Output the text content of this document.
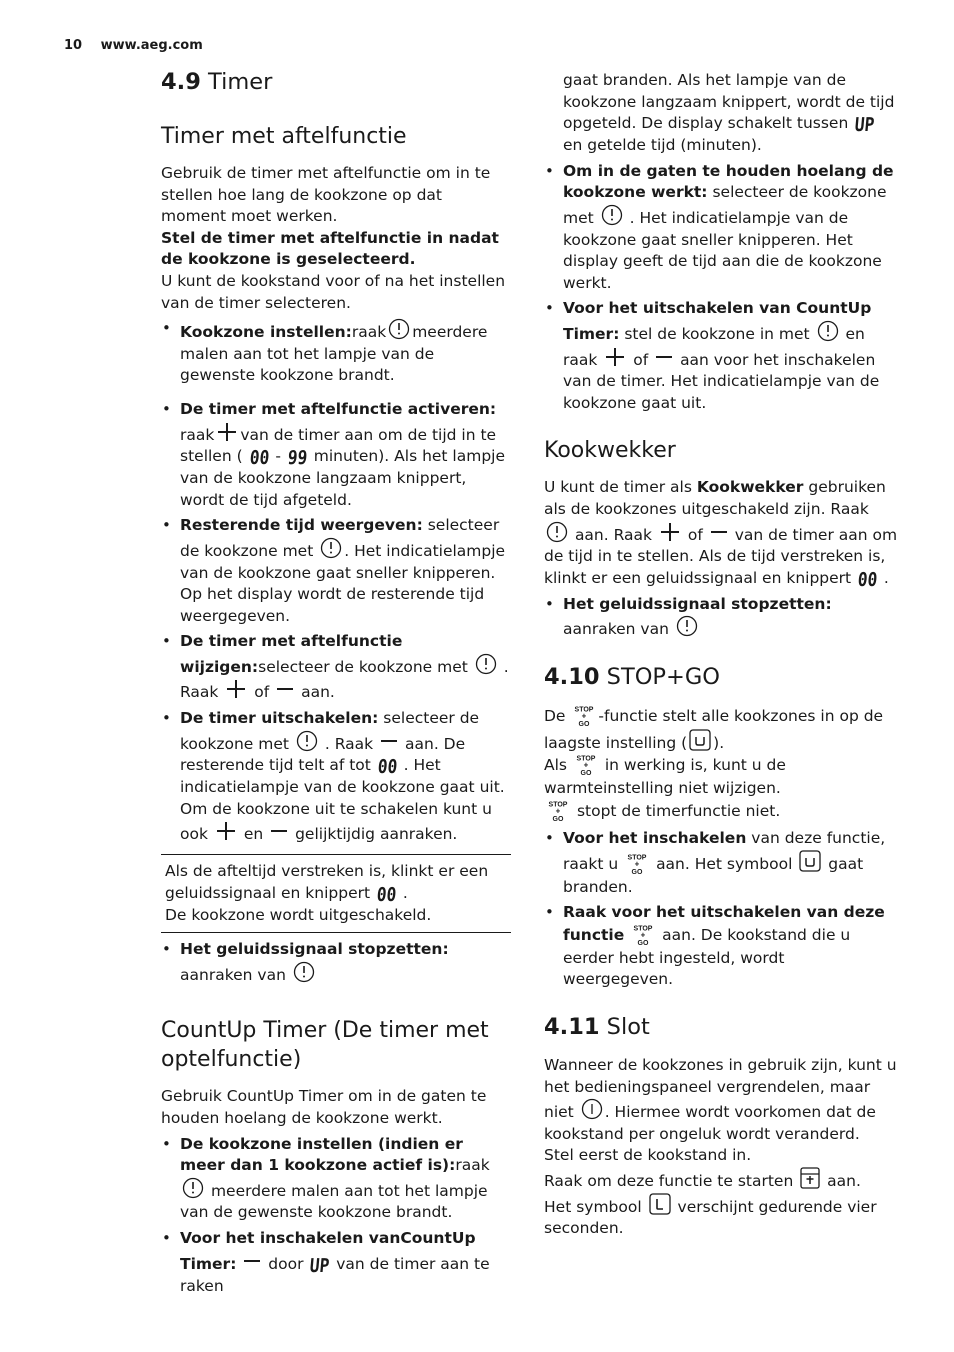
10 www.aeg.com
4.9 Timer
Timer met aftelfunctie

Gebruik de timer met aftelfunctie om in te stellen hoe lang de kookzone op dat moment moet werken.

Stel de timer met aftelfunctie in nadat de kookzone is geselecteerd.

U kunt de kookstand voor of na het instellen van de timer selecteren.

• Kookzone instellen:raak meerdere malen aan tot het lampje van de gewenste kookzone brandt.
• De timer met aftelfunctie activeren: raak van de timer aan om de tijd in te stellen ( 00 - 99 minuten). Als het lampje van de kookzone langzaam knippert, wordt de tijd afgeteld.
• Resterende tijd weergeven: selecteer de kookzone met . Het indicatielampje van de kookzone gaat sneller knipperen. Op het display wordt de resterende tijd weergegeven.
• De timer met aftelfunctie wijzigen:selecteer de kookzone met . Raak of aan.
• De timer uitschakelen: selecteer de kookzone met . Raak aan. De resterende tijd telt af tot 00 . Het indicatielampje van de kookzone gaat uit. Om de kookzone uit te schakelen kunt u ook en gelijktijdig aanraken.

Als de afteltijd verstreken is, klinkt er een geluidssignaal en knippert 00 .

De kookzone wordt uitgeschakeld.

• Het geluidssignaal stopzetten: aanraken van
CountUp Timer (De timer met optelfunctie)

Gebruik CountUp Timer om in de gaten te houden hoelang de kookzone werkt.

• De kookzone instellen (indien er meer dan 1 kookzone actief is):raak  meerdere malen aan tot het lampje van de gewenste kookzone brandt.
• Voor het inschakelen vanCountUp Timer: door UP van de timer aan te raken

gaat branden. Als het lampje van de kookzone langzaam knippert, wordt de tijd opgeteld. De display schakelt tussen UP en getelde tijd (minuten).

• Om in de gaten te houden hoelang de kookzone werkt: selecteer de kookzone met . Het indicatielampje van de kookzone gaat sneller knipperen. Het display geeft de tijd aan die de kookzone werkt.
• Voor het uitschakelen van CountUp Timer: stel de kookzone in met en raak of aan voor het inschakelen van de timer. Het indicatielampje van de kookzone gaat uit.
Kookwekker

U kunt de timer als Kookwekker gebruiken als de kookzones uitgeschakeld zijn. Raak  aan. Raak of van de timer aan om de tijd in te stellen. Als de tijd verstreken is, klinkt er een geluidssignaal en knippert 00 .

• Het geluidssignaal stopzetten: aanraken van
4.10 STOP+GO

De STOP
+
GO -functie stelt alle kookzones in op de laagste instelling ( ).

Als STOP
+
GO in werking is, kunt u de warmteinstelling niet wijzigen.

STOP
+
GO stopt de timerfunctie niet.

• Voor het inschakelen van deze functie, raakt u STOP
+
GO aan. Het symbool gaat branden.
• Raak voor het uitschakelen van deze functie STOP
+
GO aan. De kookstand die u eerder hebt ingesteld, wordt weergegeven.
4.11 Slot

Wanneer de kookzones in gebruik zijn, kunt u het bedieningspaneel vergrendelen, maar niet . Hiermee wordt voorkomen dat de kookstand per ongeluk wordt veranderd.

Stel eerst de kookstand in.

Raak om deze functie te starten aan.

Het symbool verschijnt gedurende vier seconden.
